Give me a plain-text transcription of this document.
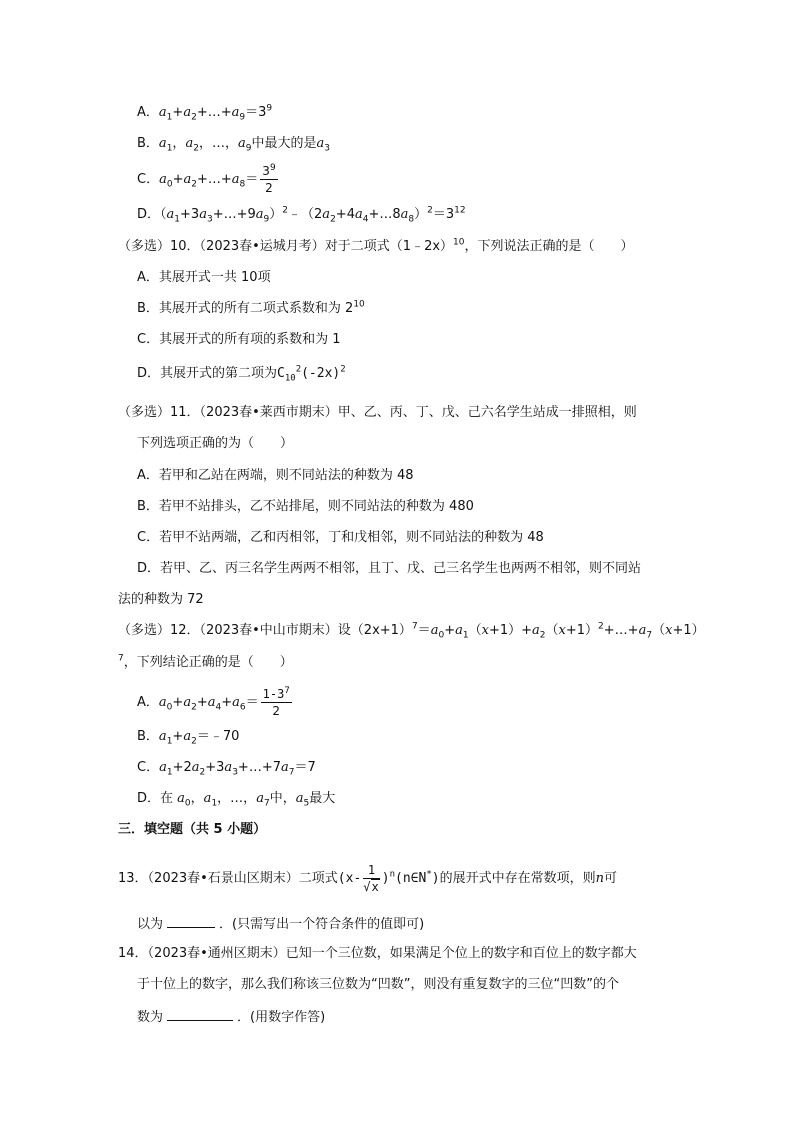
A．$a_1+a_2+\dots+a_9=3^9$
B．$a_1$，$a_2$，…，$a_9$中最大的是$a_3$
C．$a_0+a_2+\dots+a_8= \frac{3^9}{2}$
D．$(a_1+3a_3+\dots+9a_9)^2﹣(2a_2+4a_4+\dots 8a_8)^2=3^{12}$
（多选）10．（2023春•运城月考）对于二项式（1﹣2x）$^{10}$，下列说法正确的是（　　）
A．其展开式一共 10项
B．其展开式的所有二项式系数和为 $2^{10}$
C．其展开式的所有项的系数和为 1
D．其展开式的第二项为$C_{10}^2(-2x)^2$
（多选）11．（2023春•莱西市期末）甲、乙、丙、丁、戊、己六名学生站成一排照相，则
下列选项正确的为（　　）
A．若甲和乙站在两端，则不同站法的种数为 48
B．若甲不站排头，乙不站排尾，则不同站法的种数为 480
C．若甲不站两端，乙和丙相邻，丁和戊相邻，则不同站法的种数为 48
D．若甲、乙、丙三名学生两两不相邻，且丁、戊、己三名学生也两两不相邻，则不同站
法的种数为 72
（多选）12．（2023春•中山市期末）设$(2x+1)^7=a_0+a_1(x+1)+a_2(x+1)^2+\dots+a_7(x+1)$
$^7$，下列结论正确的是（　　）
A．$a_0+a_2+a_4+a_6= \frac{1-3^7}{2}$
B．$a_1+a_2=﹣70$
C．$a_1+2a_2+3a_3+\dots+7a_7=7$
D．在 $a_0$，$a_1$，…，$a_7$中，$a_5$最大
三．填空题（共 5 小题）
13．（2023春•石景山区期末）二项式($x- \frac{1}{√x}$ )$^n$(n∈N*)的展开式中存在常数项，则n可
以为	．(只需写出一个符合条件的值即可)
14．（2023春•通州区期末）已知一个三位数，如果满足个位上的数字和百位上的数字都大
于十位上的数字，那么我们称该三位数为“凹数”，则没有重复数字的三位“凹数”的个
数为	．(用数字作答)
